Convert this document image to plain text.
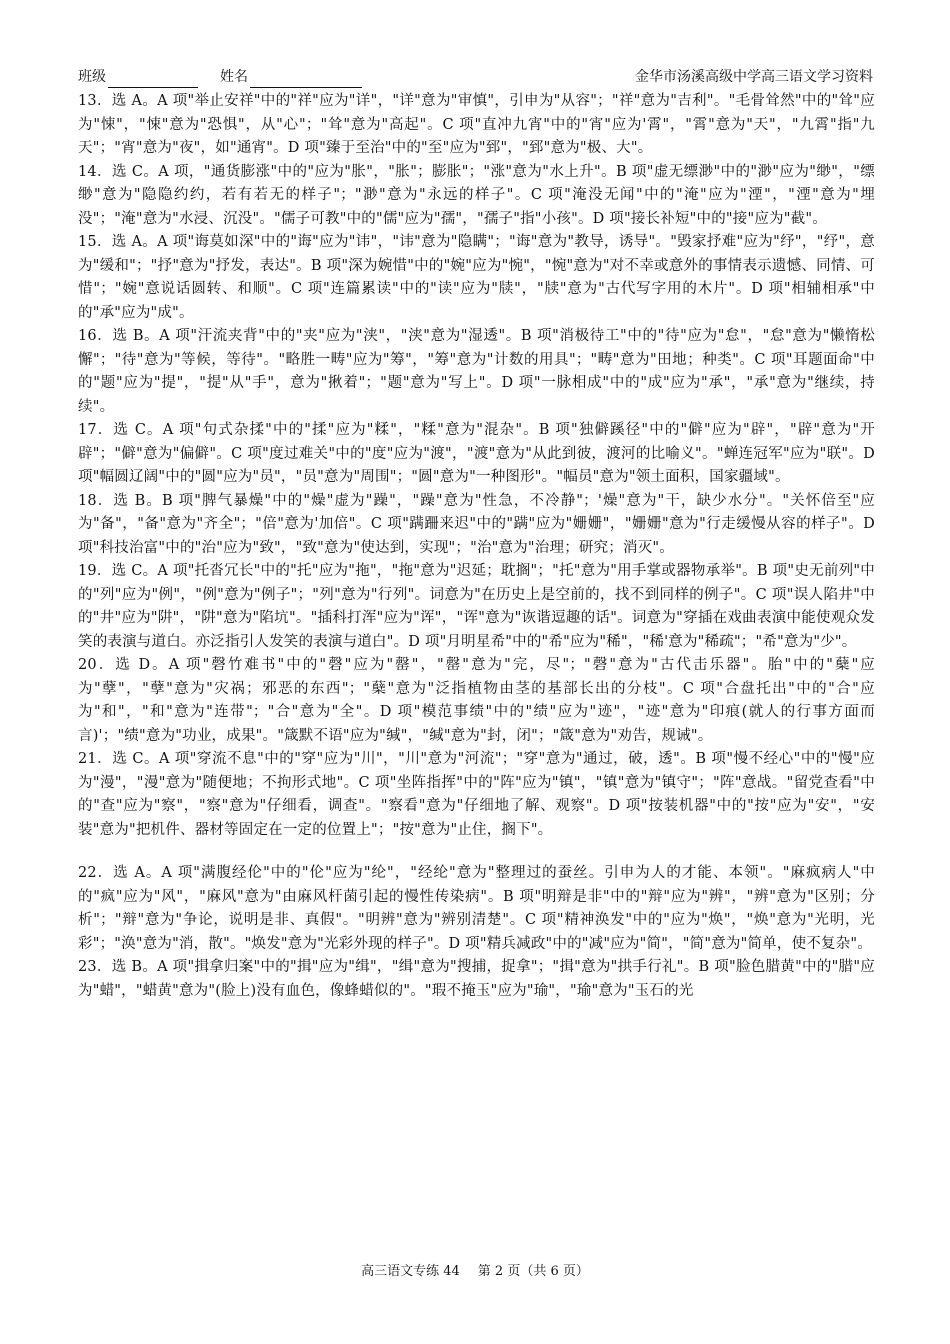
班级	姓名	金华市汤溪高级中学高三语文学习资料

13．选 A。A 项"举止安祥"中的"祥"应为"详"，"详"意为"审慎"，引申为"从容"；"祥"意为"吉利"。"毛骨耸然"中的"耸"应为"悚"，"悚"意为"恐惧"，从"心"；"耸"意为"高起"。C 项"直冲九宵"中的"宵"应为'霄"，"霄"意为"天"，"九霄"指"九天"；"宵"意为"夜"，如"通宵"。D 项"臻于至治"中的"至"应为"郅"，"郅"意为"极、大"。

14．选 C。A 项，"通货膨涨"中的"应为"胀"，"胀"；膨胀"；"涨"意为"水上升"。B 项"虚无缥渺"中的"渺"应为"缈"，"缥缈"意为"隐隐约约，若有若无的样子"；"渺"意为"永远的样子"。C 项"淹没无闻"中的"淹"应为"湮"，"湮"意为"埋没"；"淹"意为"水浸、沉没"。"儒子可教"中的"儒"应为"孺"，"孺子"指"小孩"。D 项"接长补短"中的"接"应为"截"。

15．选 A。A 项"诲莫如深"中的"诲"应为"讳"，"讳"意为"隐瞒"；"诲"意为"教导，诱导"。"毁家抒难"应为"纾"，"纾"，意为"缓和"；"抒"意为"抒发，表达"。B 项"深为婉惜"中的"婉"应为"惋"，"惋"意为"对不幸或意外的事情表示遗憾、同情、可惜"；"婉"意说话圆转、和顺"。C 项"连篇累读"中的"读"应为"牍"，"牍"意为"古代写字用的木片"。D 项"相辅相承"中的"承"应为"成"。

16．选 B。A 项"汗流夹背"中的"夹"应为"浃"，"浃"意为"湿透"。B 项"消极待工"中的"待"应为"怠"，"怠"意为"懒惰松懈"；"待"意为"等候，等待"。"略胜一畴"应为"筹"，"筹"意为"计数的用具"；"畴"意为"田地；种类"。C 项"耳题面命"中的"题"应为"提"，"提"从"手"，意为"揪着"；"题"意为"写上"。D 项"一脉相成"中的"成"应为"承"，"承"意为"继续，持续"。

17．选 C。A 项"句式杂揉"中的"揉"应为"糅"，"糅"意为"混杂"。B 项"独僻蹊径"中的"僻"应为"辟"，"辟"意为"开辟"；"僻"意为"偏僻"。C 项"度过难关"中的"度"应为"渡"，"渡"意为"从此到彼，渡河的比喻义"。"蝉连冠军"应为"联"。D 项"幅圆辽阔"中的"圆"应为"员"，"员"意为"周围"；"圆"意为"一种图形"。"幅员"意为"领土面积，国家疆域"。

18．选 B。B 项"脾气暴燥"中的"燥"虚为"躁"，"躁"意为"性急，不冷静"；'燥"意为"干，缺少水分"。"关怀倍至"应为"备"，"备"意为"齐全"；"倍"意为'加倍"。C 项"蹒跚来迟"中的"蹒"应为"姗姗"，"姗姗"意为"行走缓慢从容的样子"。D 项"科技治富"中的"治"应为"致"，"致"意为"使达到，实现"；"治"意为"治理；研究；消灭"。

19．选 C。A 项"托沓冗长"中的"托"应为"拖"，"拖"意为"迟延；耽搁"；"托"意为"用手掌或器物承举"。B 项"史无前列"中的"列"应为"例"，"例"意为"例子"；"列"意为"行列"。词意为"在历史上是空前的，找不到同样的例子"。C 项"误人陷井"中的"井"应为"阱"，"阱"意为"陷坑"。"插科打浑"应为"诨"，"诨"意为"诙谐逗趣的话"。词意为"穿插在戏曲表演中能使观众发笑的表演与道白。亦泛指引人发笑的表演与道白"。D 项"月明星希"中的"希"应为"稀"，"稀'意为"稀疏"；"希"意为"少"。

20．选 D。A 项"磬竹难书"中的"磬"应为"罄"，"罄"意为"完，尽"；"磬"意为"古代击乐器"。胎"中的"蘖"应为"孽"，"孽"意为"灾祸；邪恶的东西"；"蘖"意为"泛指植物由茎的基部长出的分枝"。C 项"合盘托出"中的"合"应为"和"，"和"意为"连带"；"合"意为"全"。D 项"模范事绩"中的"绩"应为"迹"，"迹"意为"印痕(就人的行事方面而言)'；"绩"意为"功业，成果"。"箴默不语"应为"缄"，"缄"意为"封，闭"；"箴"意为"劝告，规诫"。

21．选 C。A 项"穿流不息"中的"穿"应为"川"，"川"意为"河流"；"穿"意为"通过，破，透"。B 项"慢不经心"中的"慢"应为"漫"，"漫"意为"随便地；不拘形式地"。C 项"坐阵指挥"中的"阵"应为"镇"，"镇"意为"镇守"；"阵"意战。"留党查看"中的"查"应为"察"，"察"意为"仔细看，调查"。"察看"意为"仔细地了解、观察"。D 项"按装机器"中的"按"应为"安"，"安装"意为"把机件、器材等固定在一定的位置上"；"按"意为"止住，搁下"。

22．选 A。A 项"满腹经伦"中的"伦"应为"纶"，"经纶"意为"整理过的蚕丝。引申为人的才能、本领"。"麻疯病人"中的"疯"应为"风"，"麻风"意为"由麻风杆菌引起的慢性传染病"。B 项"明辩是非"中的"辩"应为"辨"，"辨"意为"区别；分析"；"辩"意为"争论，说明是非、真假"。"明辨"意为"辨别清楚"。C 项"精神涣发"中的"应为"焕"，"焕"意为"光明，光彩"；"涣"意为"消，散"。"焕发"意为"光彩外现的样子"。D 项"精兵减政"中的"减"应为"简"，"简"意为"简单，使不复杂"。

23．选 B。A 项"揖拿归案"中的"揖"应为"缉"，"缉"意为"搜捕，捉拿"；"揖"意为"拱手行礼"。B 项"脸色腊黄"中的"腊"应为"蜡"，"蜡黄"意为"(脸上)没有血色，像蜂蜡似的"。"瑕不掩玉"应为"瑜"，"瑜"意为"玉石的光

高三语文专练 44 第 2 页（共 6 页）
